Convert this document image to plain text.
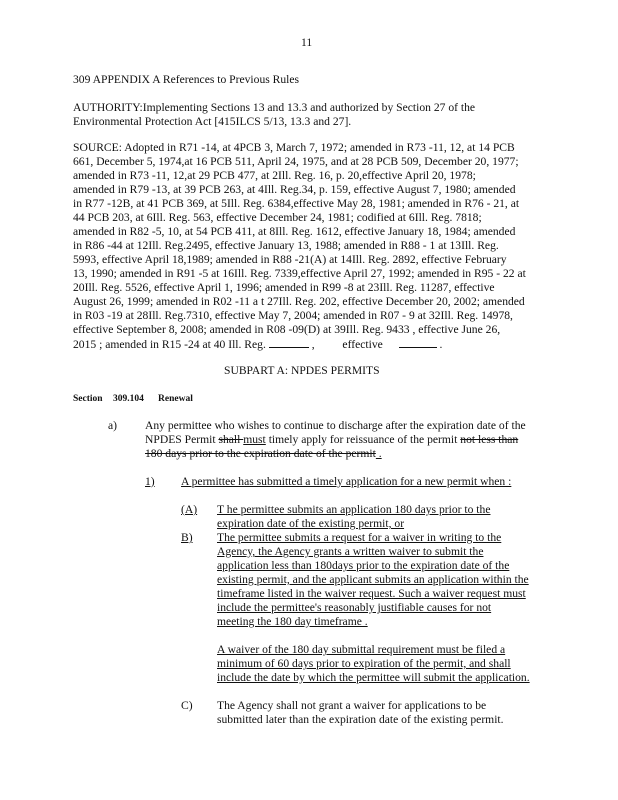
11
309 APPENDIX A References to Previous Rules
AUTHORITY:Implementing Sections 13 and 13.3 and authorized by Section 27 of the
Environmental Protection Act [415ILCS 5/13, 13.3 and 27].
SOURCE: Adopted in R71 -14, at 4PCB 3, March 7, 1972; amended in R73 -11, 12, at 14 PCB
661, December 5, 1974,at 16 PCB 511, April 24, 1975, and at 28 PCB 509, December 20, 1977;
amended in R73 -11, 12,at 29 PCB 477, at 2Ill. Reg. 16, p. 20,effective April 20, 1978;
amended in R79 -13, at 39 PCB 263, at 4Ill. Reg.34, p. 159, effective August 7, 1980; amended
in R77 -12B, at 41 PCB 369, at 5Ill. Reg. 6384,effective May 28, 1981; amended in R76 - 21, at
44 PCB 203, at 6Ill. Reg. 563, effective December 24, 1981; codified at 6Ill. Reg. 7818;
amended in R82 -5, 10, at 54 PCB 411, at 8Ill. Reg. 1612, effective January 18, 1984; amended
in R86 -44 at 12Ill. Reg.2495, effective January 13, 1988; amended in R88 - 1 at 13Ill. Reg.
5993, effective April 18,1989; amended in R88 -21(A) at 14Ill. Reg. 2892, effective February
13, 1990; amended in R91 -5 at 16Ill. Reg. 7339,effective April 27, 1992; amended in R95 - 22 at
20Ill. Reg. 5526, effective April 1, 1996; amended in R99 -8 at 23Ill. Reg. 11287, effective
August 26, 1999; amended in R02 -11 a t 27Ill. Reg. 202, effective December 20, 2002; amended
in R03 -19 at 28Ill. Reg.7310, effective May 7, 2004; amended in R07 - 9 at 32Ill. Reg. 14978,
effective September 8, 2008; amended in R08 -09(D) at 39Ill. Reg. 9433 , effective June 26,
2015 ; amended in R15 -24 at 40 Ill. Reg.	, effective	.
SUBPART A: NPDES PERMITS
Section 309.104 Renewal
a) Any permittee who wishes to continue to discharge after the expiration date of the
NPDES Permit shall must timely apply for reissuance of the permit not less than
180 days prior to the expiration date of the permit .
1) A permittee has submitted a timely application for a new permit when :
(A) T he permittee submits an application 180 days prior to the
expiration date of the existing permit, or
B) The permittee submits a request for a waiver in writing to the
Agency, the Agency grants a written waiver to submit the
application less than 180days prior to the expiration date of the
existing permit, and the applicant submits an application within the
timeframe listed in the waiver request. Such a waiver request must
include the permittee's reasonably justifiable causes for not
meeting the 180 day timeframe .
A waiver of the 180 day submittal requirement must be filed a
minimum of 60 days prior to expiration of the permit, and shall
include the date by which the permittee will submit the application.
C) The Agency shall not grant a waiver for applications to be
submitted later than the expiration date of the existing permit.
